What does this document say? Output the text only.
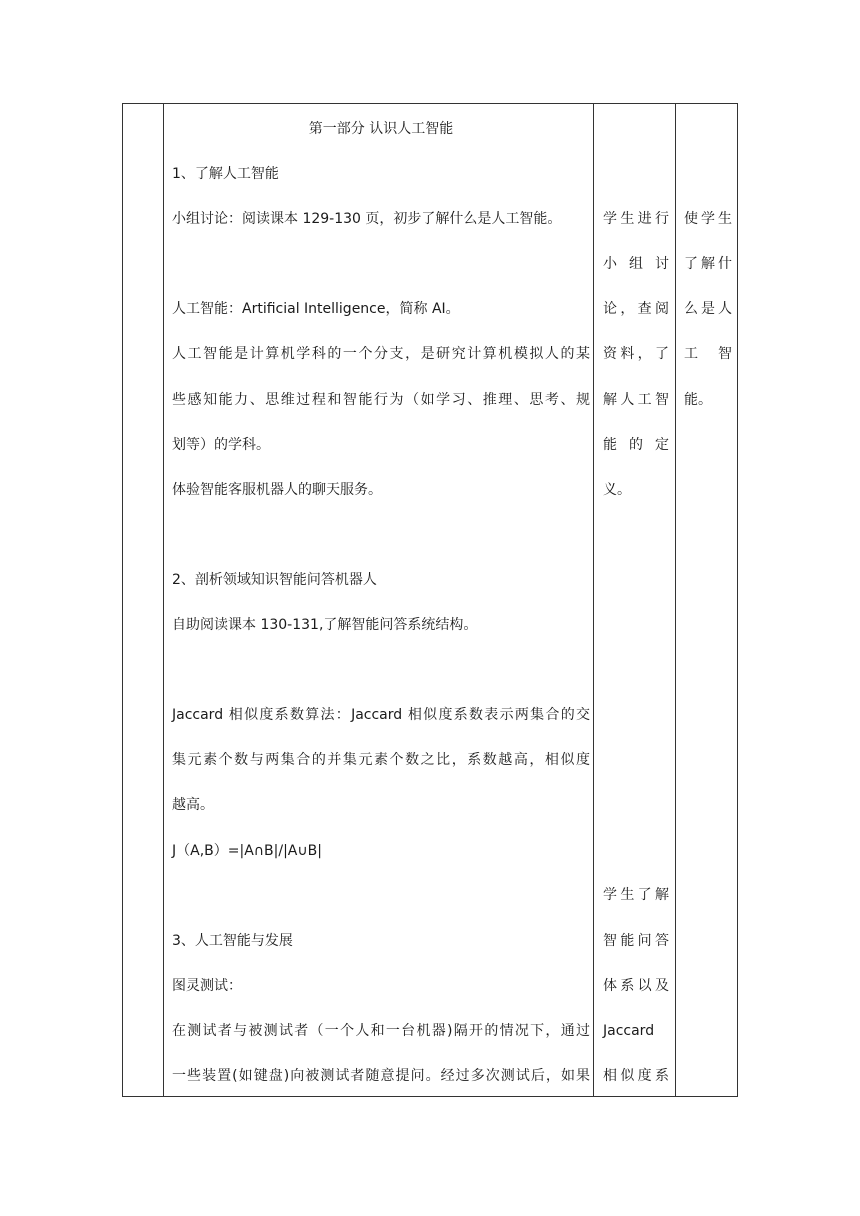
第一部分 认识人工智能
1、了解人工智能
小组讨论：阅读课本 129-130 页，初步了解什么是人工智能。
人工智能：Artificial Intelligence，简称 AI。
人工智能是计算机学科的一个分支，是研究计算机模拟人的某
些感知能力、思维过程和智能行为（如学习、推理、思考、规
划等）的学科。
体验智能客服机器人的聊天服务。
2、剖析领域知识智能问答机器人
自助阅读课本 130-131,了解智能问答系统结构。
Jaccard 相似度系数算法：Jaccard 相似度系数表示两集合的交
集元素个数与两集合的并集元素个数之比，系数越高，相似度
越高。
J（A,B）=|A∩B|/|A∪B|
3、人工智能与发展
图灵测试：
在测试者与被测试者（一个人和一台机器)隔开的情况下，通过
一些装置(如键盘)向被测试者随意提问。经过多次测试后，如果
学生进行
小 组 讨
论，查阅
资料，了
解人工智
能 的 定
义。
学生了解
智能问答
体系以及
Jaccard
相似度系
使学生
了解什
么是人
工 智
能。
